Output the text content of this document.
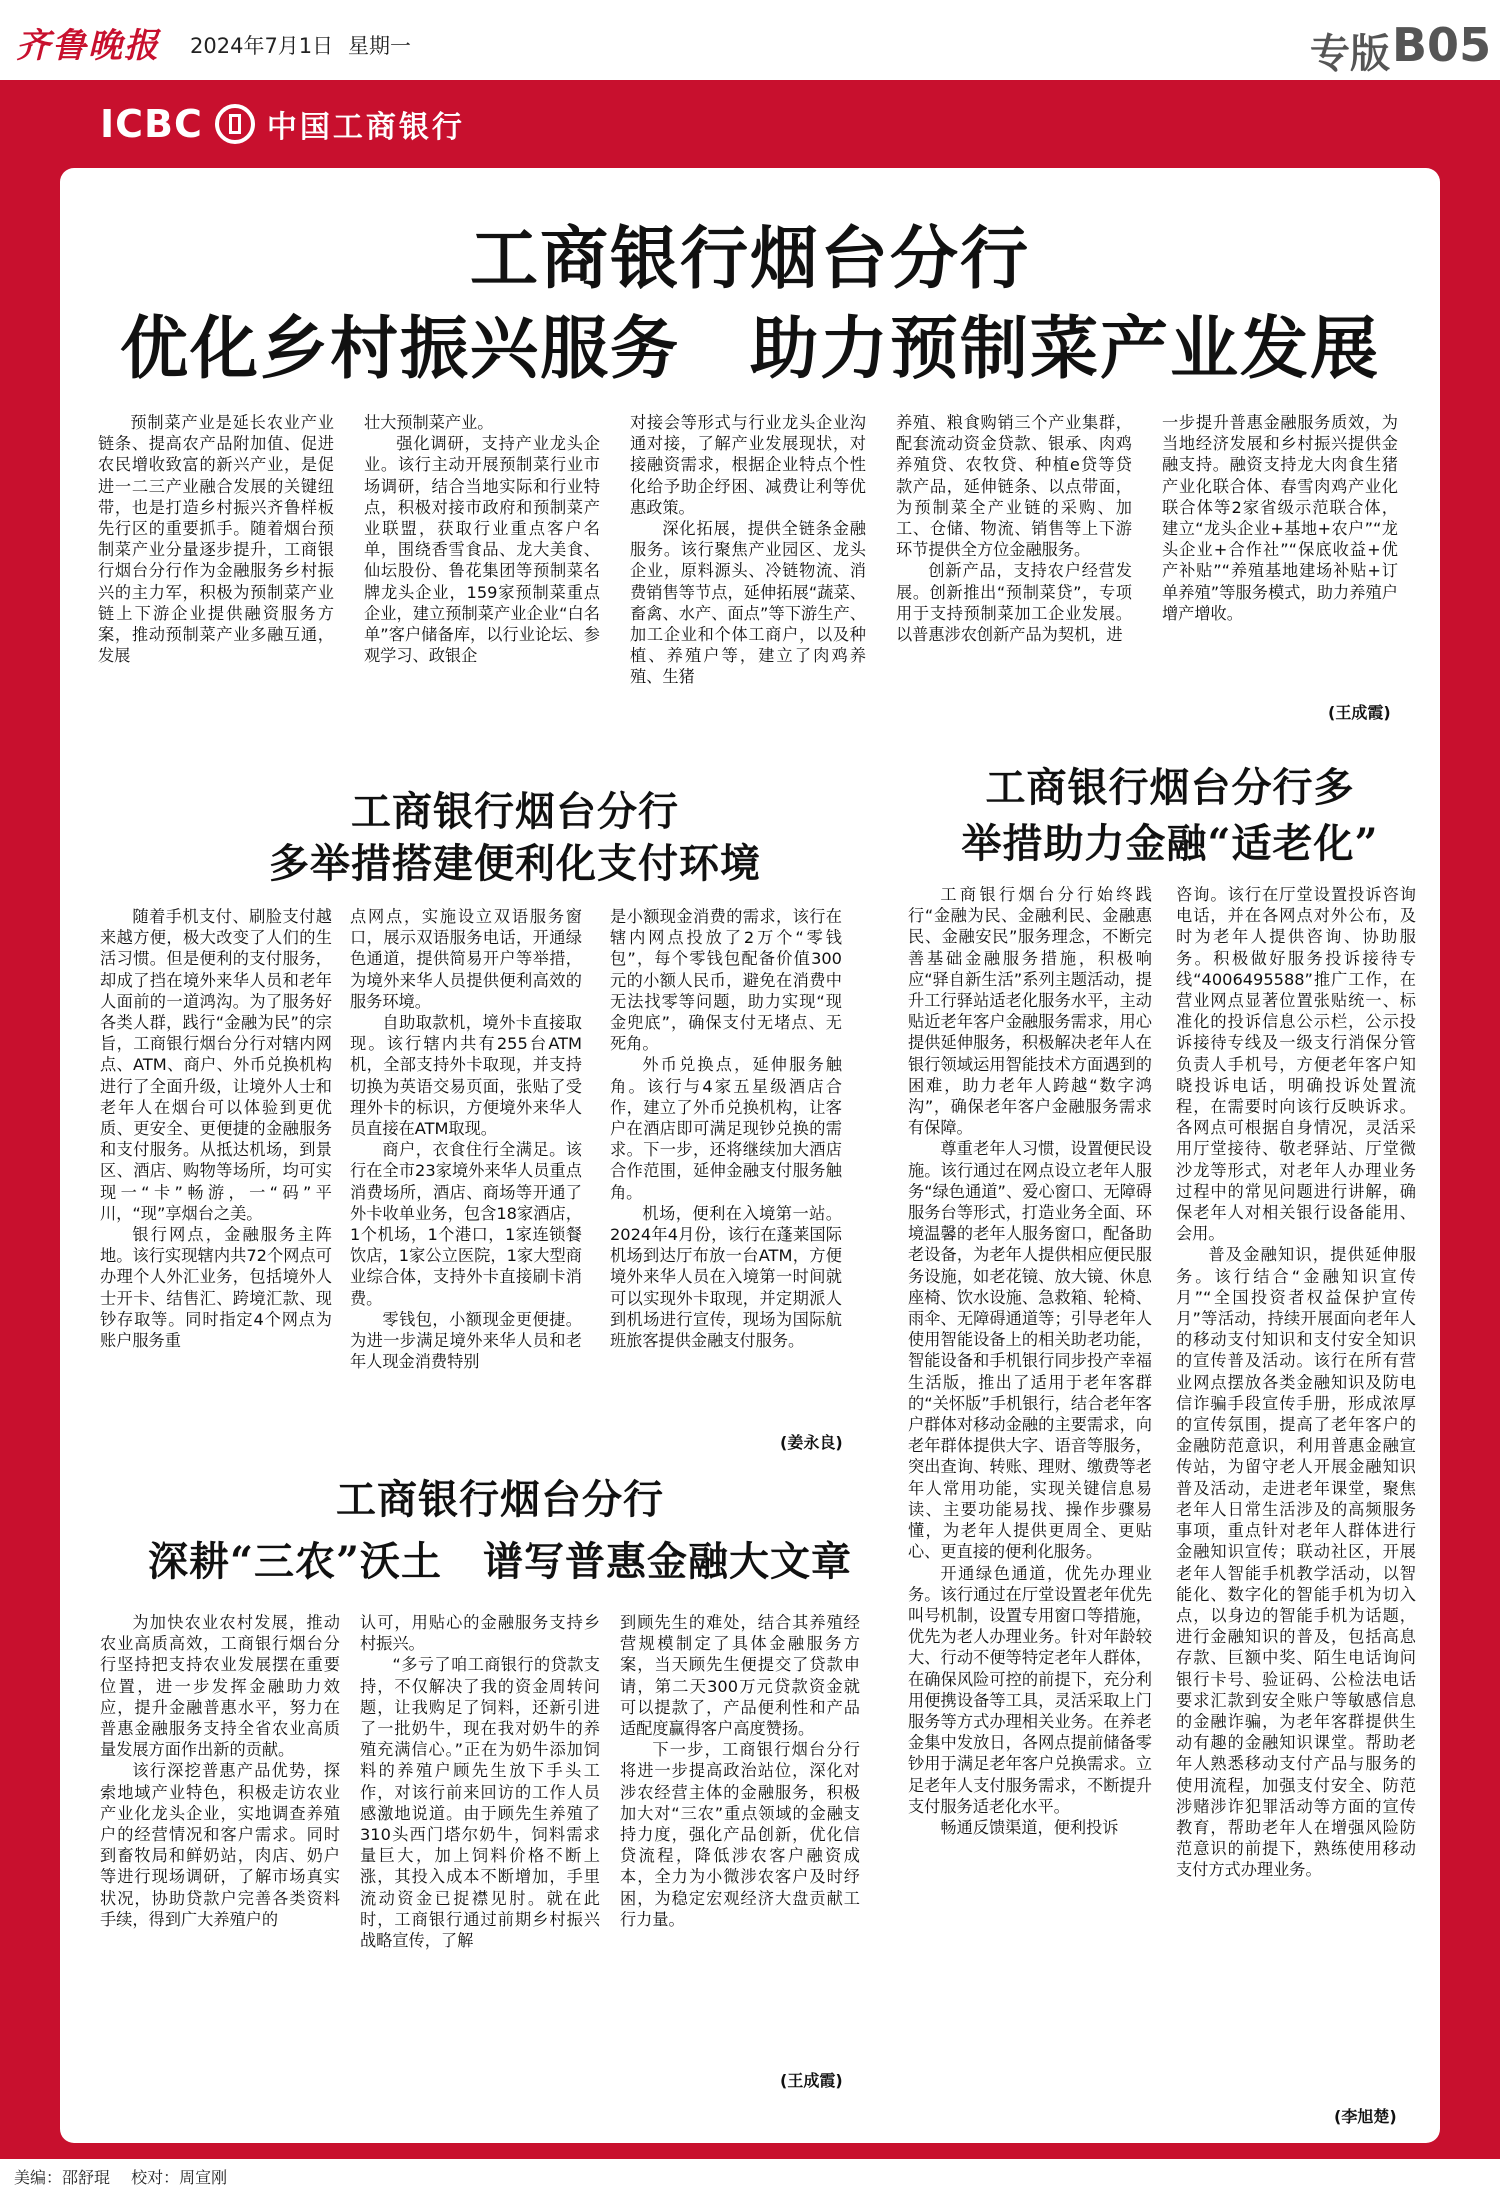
齐鲁晚报 2024年7月1日 星期一	专版 B05
ICBC 中国工商银行
工商银行烟台分行
优化乡村振兴服务　助力预制菜产业发展
预制菜产业是延长农业产业链条、提高农产品附加值、促进农民增收致富的新兴产业，是促进一二三产业融合发展的关键纽带，也是打造乡村振兴齐鲁样板先行区的重要抓手。随着烟台预制菜产业分量逐步提升，工商银行烟台分行作为金融服务乡村振兴的主力军，积极为预制菜产业链上下游企业提供融资服务方案，推动预制菜产业多融互通，发展
壮大预制菜产业。
强化调研，支持产业龙头企业。该行主动开展预制菜行业市场调研，结合当地实际和行业特点，积极对接市政府和预制菜产业联盟，获取行业重点客户名单，围绕香雪食品、龙大美食、仙坛股份、鲁花集团等预制菜名牌龙头企业，159家预制菜重点企业，建立预制菜产业企业“白名单”客户储备库，以行业论坛、参观学习、政银企
对接会等形式与行业龙头企业沟通对接，了解产业发展现状，对接融资需求，根据企业特点个性化给予助企纾困、减费让利等优惠政策。
深化拓展，提供全链条金融服务。该行聚焦产业园区、龙头企业，原料源头、冷链物流、消费销售等节点，延伸拓展“蔬菜、畜禽、水产、面点”等下游生产、加工企业和个体工商户，以及种植、养殖户等，建立了肉鸡养殖、生猪
养殖、粮食购销三个产业集群，配套流动资金贷款、银承、肉鸡养殖贷、农牧贷、种植e贷等贷款产品，延伸链条、以点带面，为预制菜全产业链的采购、加工、仓储、物流、销售等上下游环节提供全方位金融服务。
创新产品，支持农户经营发展。创新推出“预制菜贷”，专项用于支持预制菜加工企业发展。以普惠涉农创新产品为契机，进
一步提升普惠金融服务质效，为当地经济发展和乡村振兴提供金融支持。融资支持龙大肉食生猪产业化联合体、春雪肉鸡产业化联合体等2家省级示范联合体，建立“龙头企业+基地+农户”“龙头企业+合作社”“保底收益+优产补贴”“养殖基地建场补贴+订单养殖”等服务模式，助力养殖户增产增收。
(王成霞)
工商银行烟台分行
多举措搭建便利化支付环境
随着手机支付、刷脸支付越来越方便，极大改变了人们的生活习惯。但是便利的支付服务，却成了挡在境外来华人员和老年人面前的一道鸿沟。为了服务好各类人群，践行“金融为民”的宗旨，工商银行烟台分行对辖内网点、ATM、商户、外币兑换机构进行了全面升级，让境外人士和老年人在烟台可以体验到更优质、更安全、更便捷的金融服务和支付服务。从抵达机场，到景区、酒店、购物等场所，均可实现一“卡”畅游，一“码”平川，“现”享烟台之美。
银行网点，金融服务主阵地。该行实现辖内共72个网点可办理个人外汇业务，包括境外人士开卡、结售汇、跨境汇款、现钞存取等。同时指定4个网点为账户服务重
点网点，实施设立双语服务窗口，展示双语服务电话，开通绿色通道，提供简易开户等举措，为境外来华人员提供便利高效的服务环境。
自助取款机，境外卡直接取现。该行辖内共有255台ATM机，全部支持外卡取现，并支持切换为英语交易页面，张贴了受理外卡的标识，方便境外来华人员直接在ATM取现。
商户，衣食住行全满足。该行在全市23家境外来华人员重点消费场所，酒店、商场等开通了外卡收单业务，包含18家酒店，1个机场，1个港口，1家连锁餐饮店，1家公立医院，1家大型商业综合体，支持外卡直接刷卡消费。
零钱包，小额现金更便捷。为进一步满足境外来华人员和老年人现金消费特别
是小额现金消费的需求，该行在辖内网点投放了2万个“零钱包”，每个零钱包配备价值300元的小额人民币，避免在消费中无法找零等问题，助力实现“现金兜底”，确保支付无堵点、无死角。
外币兑换点，延伸服务触角。该行与4家五星级酒店合作，建立了外币兑换机构，让客户在酒店即可满足现钞兑换的需求。下一步，还将继续加大酒店合作范围，延伸金融支付服务触角。
机场，便利在入境第一站。2024年4月份，该行在蓬莱国际机场到达厅布放一台ATM，方便境外来华人员在入境第一时间就可以实现外卡取现，并定期派人到机场进行宣传，现场为国际航班旅客提供金融支付服务。
(姜永良)
工商银行烟台分行多
举措助力金融“适老化”
工商银行烟台分行始终践行“金融为民、金融利民、金融惠民、金融安民”服务理念，不断完善基础金融服务措施，积极响应“驿自新生活”系列主题活动，提升工行驿站适老化服务水平，主动贴近老年客户金融服务需求，用心提供延伸服务，积极解决老年人在银行领域运用智能技术方面遇到的困难，助力老年人跨越“数字鸿沟”，确保老年客户金融服务需求有保障。
尊重老年人习惯，设置便民设施。该行通过在网点设立老年人服务“绿色通道”、爱心窗口、无障碍服务台等形式，打造业务全面、环境温馨的老年人服务窗口，配备助老设备，为老年人提供相应便民服务设施，如老花镜、放大镜、休息座椅、饮水设施、急救箱、轮椅、雨伞、无障碍通道等；引导老年人使用智能设备上的相关助老功能，智能设备和手机银行同步投产幸福生活版，推出了适用于老年客群的“关怀版”手机银行，结合老年客户群体对移动金融的主要需求，向老年群体提供大字、语音等服务，突出查询、转账、理财、缴费等老年人常用功能，实现关键信息易读、主要功能易找、操作步骤易懂，为老年人提供更周全、更贴心、更直接的便利化服务。
开通绿色通道，优先办理业务。该行通过在厅堂设置老年优先叫号机制，设置专用窗口等措施，优先为老人办理业务。针对年龄较大、行动不便等特定老年人群体，在确保风险可控的前提下，充分利用便携设备等工具，灵活采取上门服务等方式办理相关业务。在养老金集中发放日，各网点提前储备零钞用于满足老年客户兑换需求。立足老年人支付服务需求，不断提升支付服务适老化水平。
畅通反馈渠道，便利投诉
咨询。该行在厅堂设置投诉咨询电话，并在各网点对外公布，及时为老年人提供咨询、协助服务。积极做好服务投诉接待专线“4006495588”推广工作，在营业网点显著位置张贴统一、标准化的投诉信息公示栏，公示投诉接待专线及一级支行消保分管负责人手机号，方便老年客户知晓投诉电话，明确投诉处置流程，在需要时向该行反映诉求。各网点可根据自身情况，灵活采用厅堂接待、敬老驿站、厅堂微沙龙等形式，对老年人办理业务过程中的常见问题进行讲解，确保老年人对相关银行设备能用、会用。
普及金融知识，提供延伸服务。该行结合“金融知识宣传月”“全国投资者权益保护宣传月”等活动，持续开展面向老年人的移动支付知识和支付安全知识的宣传普及活动。该行在所有营业网点摆放各类金融知识及防电信诈骗手段宣传手册，形成浓厚的宣传氛围，提高了老年客户的金融防范意识，利用普惠金融宣传站，为留守老人开展金融知识普及活动，走进老年课堂，聚焦老年人日常生活涉及的高频服务事项，重点针对老年人群体进行金融知识宣传；联动社区，开展老年人智能手机教学活动，以智能化、数字化的智能手机为切入点，以身边的智能手机为话题，进行金融知识的普及，包括高息存款、巨额中奖、陌生电话询问银行卡号、验证码、公检法电话要求汇款到安全账户等敏感信息的金融诈骗，为老年客群提供生动有趣的金融知识课堂。帮助老年人熟悉移动支付产品与服务的使用流程，加强支付安全、防范涉赌涉诈犯罪活动等方面的宣传教育，帮助老年人在增强风险防范意识的前提下，熟练使用移动支付方式办理业务。
(李旭楚)
工商银行烟台分行
深耕“三农”沃土　谱写普惠金融大文章
为加快农业农村发展，推动农业高质高效，工商银行烟台分行坚持把支持农业发展摆在重要位置，进一步发挥金融助力效应，提升金融普惠水平，努力在普惠金融服务支持全省农业高质量发展方面作出新的贡献。
该行深挖普惠产品优势，探索地域产业特色，积极走访农业产业化龙头企业，实地调查养殖户的经营情况和客户需求。同时到畜牧局和鲜奶站，肉店、奶户等进行现场调研，了解市场真实状况，协助贷款户完善各类资料手续，得到广大养殖户的
认可，用贴心的金融服务支持乡村振兴。
“多亏了咱工商银行的贷款支持，不仅解决了我的资金周转问题，让我购足了饲料，还新引进了一批奶牛，现在我对奶牛的养殖充满信心。”正在为奶牛添加饲料的养殖户顾先生放下手头工作，对该行前来回访的工作人员感激地说道。由于顾先生养殖了310头西门塔尔奶牛，饲料需求量巨大，加上饲料价格不断上涨，其投入成本不断增加，手里流动资金已捉襟见肘。就在此时，工商银行通过前期乡村振兴战略宣传，了解
到顾先生的难处，结合其养殖经营规模制定了具体金融服务方案，当天顾先生便提交了贷款申请，第二天300万元贷款资金就可以提款了，产品便利性和产品适配度赢得客户高度赞扬。
下一步，工商银行烟台分行将进一步提高政治站位，深化对涉农经营主体的金融服务，积极加大对“三农”重点领域的金融支持力度，强化产品创新，优化信贷流程，降低涉农客户融资成本，全力为小微涉农客户及时纾困，为稳定宏观经济大盘贡献工行力量。
(王成霞)
美编：邵舒琨 校对：周宣刚
